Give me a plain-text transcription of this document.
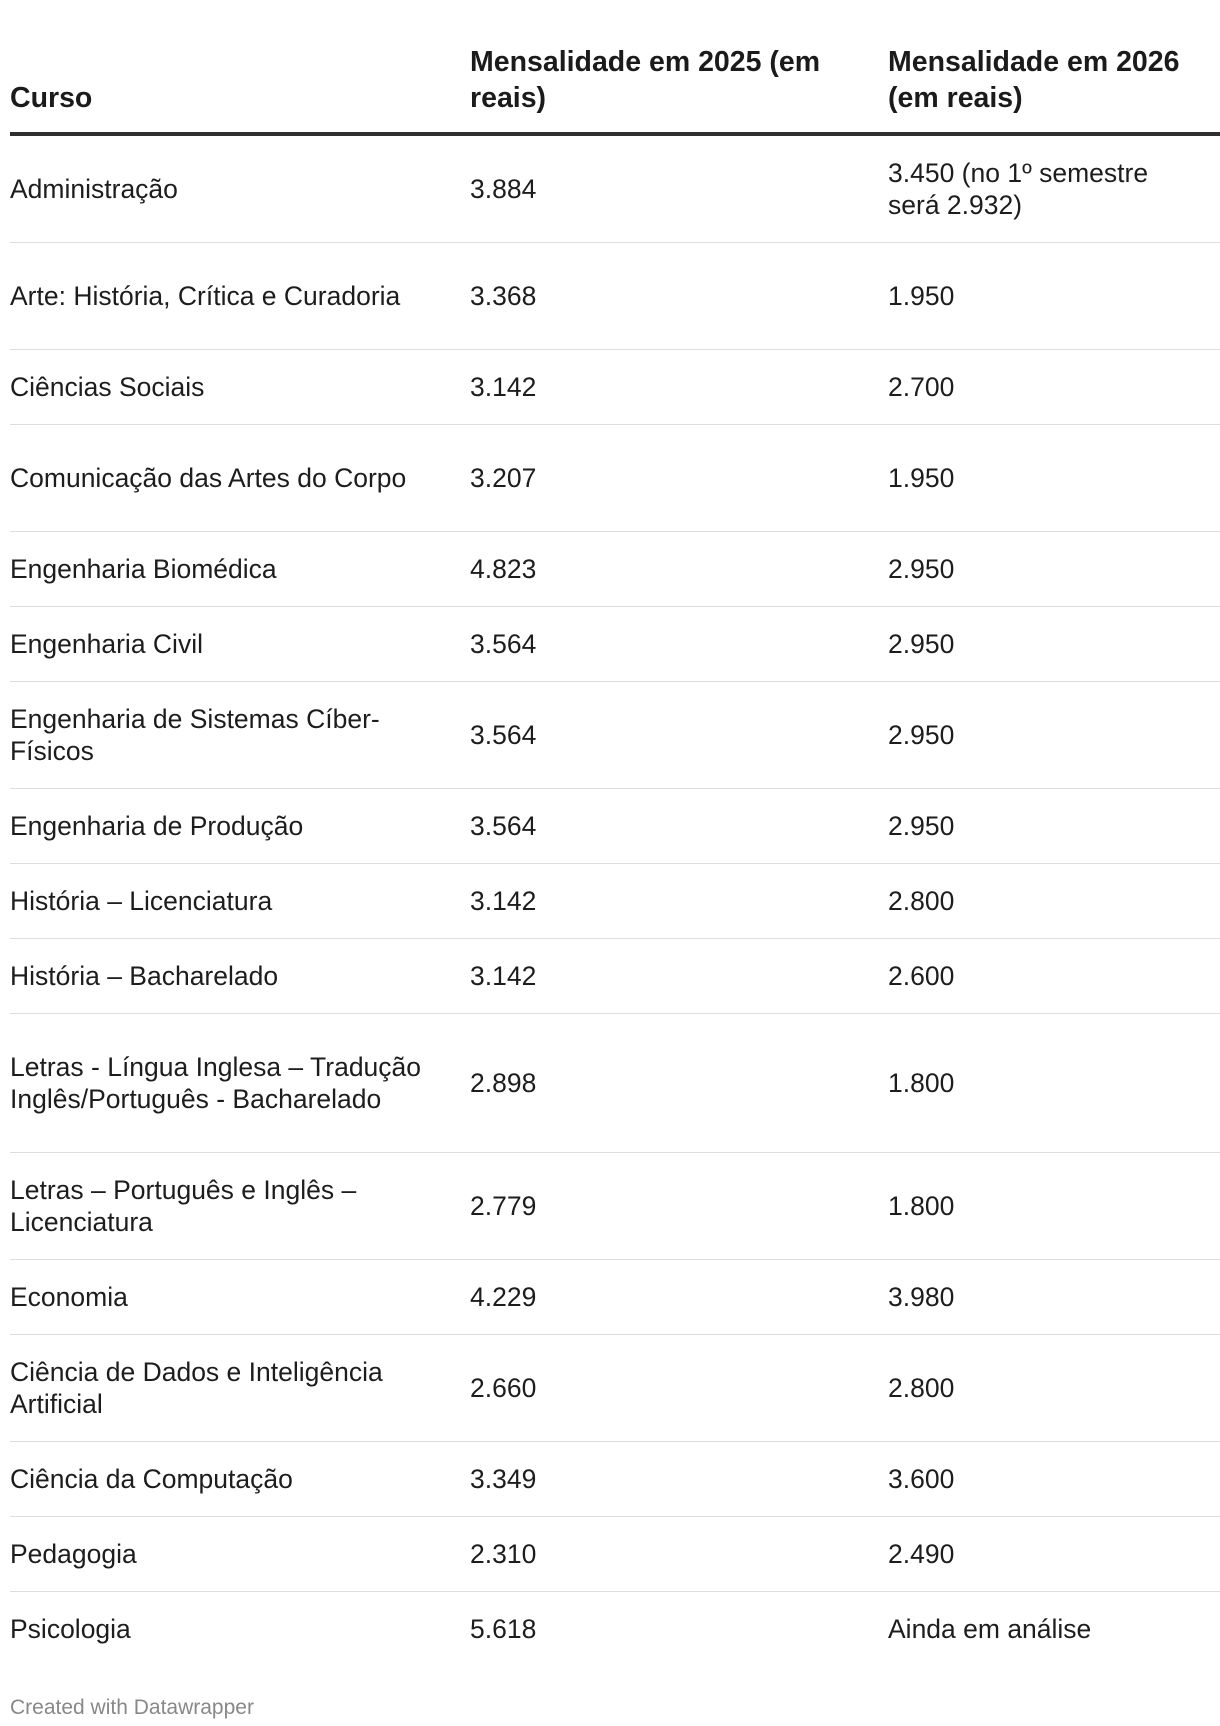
Curso	Mensalidade em 2025 (em reais)	Mensalidade em 2026 (em reais)

Administração	3.884	3.450 (no 1º semestre será 2.932)

Arte: História, Crítica e Curadoria	3.368	1.950

Ciências Sociais	3.142	2.700

Comunicação das Artes do Corpo	3.207	1.950

Engenharia Biomédica	4.823	2.950

Engenharia Civil	3.564	2.950

Engenharia de Sistemas Cíber-Físicos	3.564	2.950

Engenharia de Produção	3.564	2.950

História – Licenciatura	3.142	2.800

História – Bacharelado	3.142	2.600

Letras - Língua Inglesa – Tradução Inglês/Português - Bacharelado	2.898	1.800

Letras – Português e Inglês – Licenciatura	2.779	1.800

Economia	4.229	3.980

Ciência de Dados e Inteligência Artificial	2.660	2.800

Ciência da Computação	3.349	3.600

Pedagogia	2.310	2.490

Psicologia	5.618	Ainda em análise
Created with Datawrapper
